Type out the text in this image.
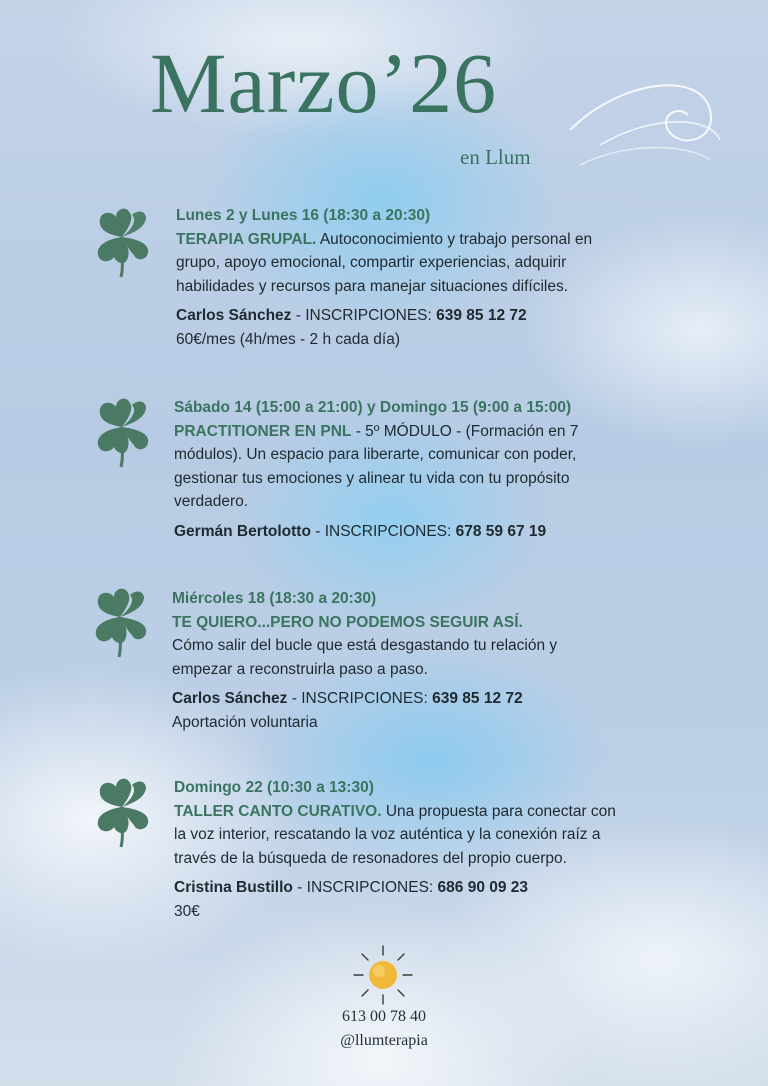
Marzo’26

en Llum

Lunes 2 y Lunes 16 (18:30 a 20:30)

TERAPIA GRUPAL. Autoconocimiento y trabajo personal en

grupo, apoyo emocional, compartir experiencias, adquirir

habilidades y recursos para manejar situaciones difíciles.

Carlos Sánchez - INSCRIPCIONES: 639 85 12 72

60€/mes (4h/mes - 2 h cada día)

Sábado 14 (15:00 a 21:00) y Domingo 15 (9:00 a 15:00)

PRACTITIONER EN PNL - 5º MÓDULO - (Formación en 7

módulos). Un espacio para liberarte, comunicar con poder,

gestionar tus emociones y alinear tu vida con tu propósito

verdadero.

Germán Bertolotto - INSCRIPCIONES: 678 59 67 19

Miércoles 18 (18:30 a 20:30)

TE QUIERO...PERO NO PODEMOS SEGUIR ASÍ.

Cómo salir del bucle que está desgastando tu relación y

empezar a reconstruirla paso a paso.

Carlos Sánchez - INSCRIPCIONES: 639 85 12 72

Aportación voluntaria

Domingo 22 (10:30 a 13:30)

TALLER CANTO CURATIVO. Una propuesta para conectar con

la voz interior, rescatando la voz auténtica y la conexión raíz a

través de la búsqueda de resonadores del propio cuerpo.

Cristina Bustillo - INSCRIPCIONES: 686 90 09 23

30€

613 00 78 40

@llumterapia
